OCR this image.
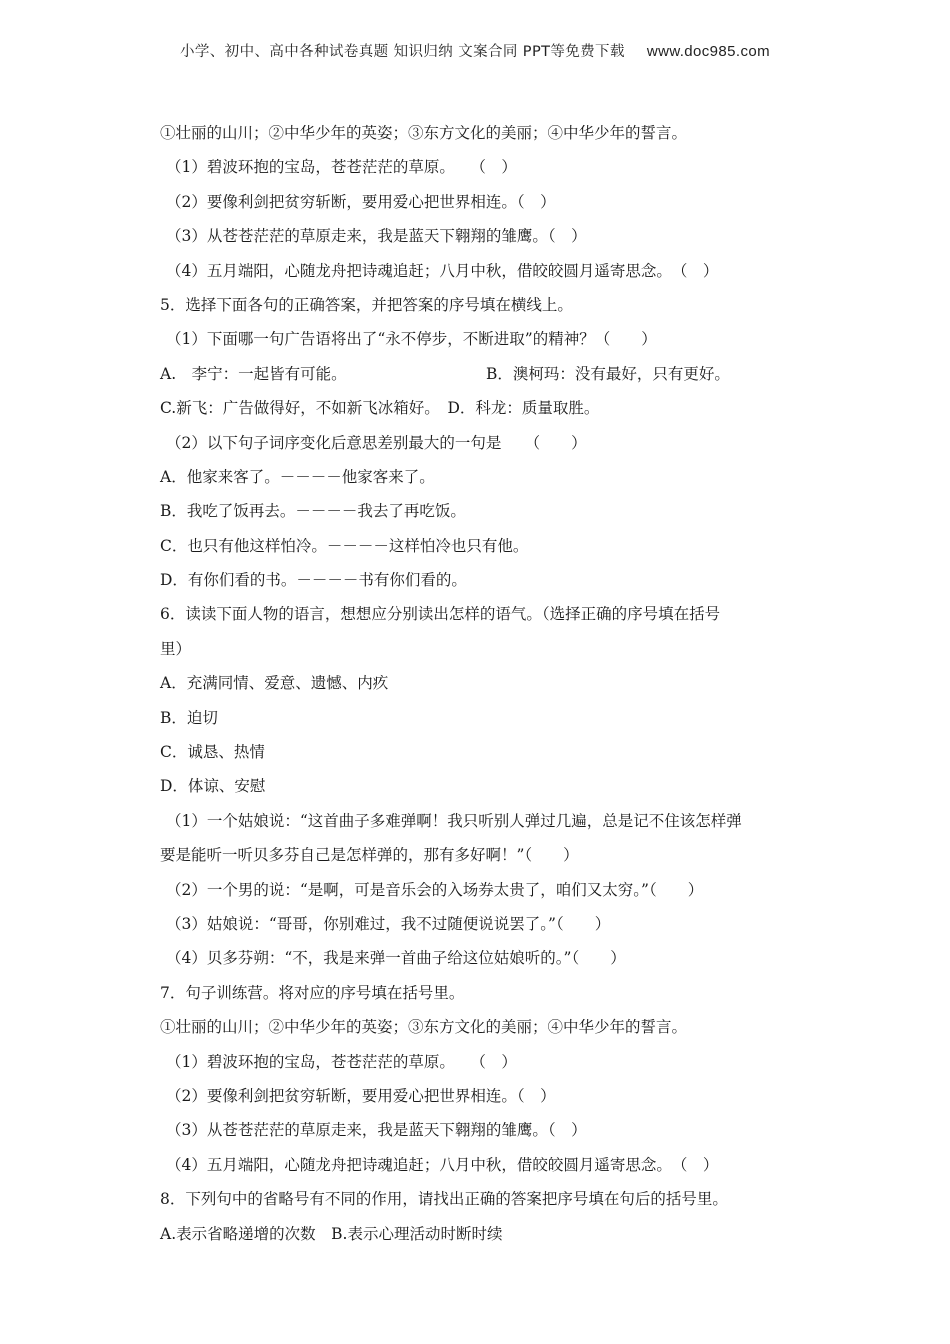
小学、初中、高中各种试卷真题 知识归纳 文案合同 PPT等免费下载 www.doc985.com

①壮丽的山川；②中华少年的英姿；③东方文化的美丽；④中华少年的誓言。

（1）碧波环抱的宝岛，苍苍茫茫的草原。　　（　）

（2）要像利剑把贫穷斩断，要用爱心把世界相连。（　）

（3）从苍苍茫茫的草原走来，我是蓝天下翱翔的雏鹰。（　）

（4）五月端阳，心随龙舟把诗魂追赶；八月中秋，借皎皎圆月遥寄思念。　（　）

5．选择下面各句的正确答案，并把答案的序号填在横线上。

（1）下面哪一句广告语将出了“永不停步，不断进取”的精神？（　　）

A.　李宁：一起皆有可能。	B．澳柯玛：没有最好，只有更好。

C.新飞：广告做得好，不如新飞冰箱好。　D．科龙：质量取胜。

（2）以下句子词序变化后意思差别最大的一句是　　（　　）

A．他家来客了。－－－－他家客来了。

B．我吃了饭再去。－－－－我去了再吃饭。

C．也只有他这样怕冷。－－－－这样怕冷也只有他。

D．有你们看的书。－－－－书有你们看的。

6．读读下面人物的语言，想想应分别读出怎样的语气。（选择正确的序号填在括号

里）

A．充满同情、爱意、遗憾、内疚

B．迫切

C．诚恳、热情

D．体谅、安慰

（1）一个姑娘说：“这首曲子多难弹啊！我只听别人弹过几遍，总是记不住该怎样弹

要是能听一听贝多芬自己是怎样弹的，那有多好啊！”（　　）

（2）一个男的说：“是啊，可是音乐会的入场券太贵了，咱们又太穷。”（　　）

（3）姑娘说：“哥哥，你别难过，我不过随便说说罢了。”（　　）

（4）贝多芬朔：“不，我是来弹一首曲子给这位姑娘听的。”（　　）

7．句子训练营。将对应的序号填在括号里。

①壮丽的山川；②中华少年的英姿；③东方文化的美丽；④中华少年的誓言。

（1）碧波环抱的宝岛，苍苍茫茫的草原。　　（　）

（2）要像利剑把贫穷斩断，要用爱心把世界相连。（　）

（3）从苍苍茫茫的草原走来，我是蓝天下翱翔的雏鹰。（　）

（4）五月端阳，心随龙舟把诗魂追赶；八月中秋，借皎皎圆月遥寄思念。　（　）

8．下列句中的省略号有不同的作用，请找出正确的答案把序号填在句后的括号里。

A.表示省略递增的次数　B.表示心理活动时断时续
